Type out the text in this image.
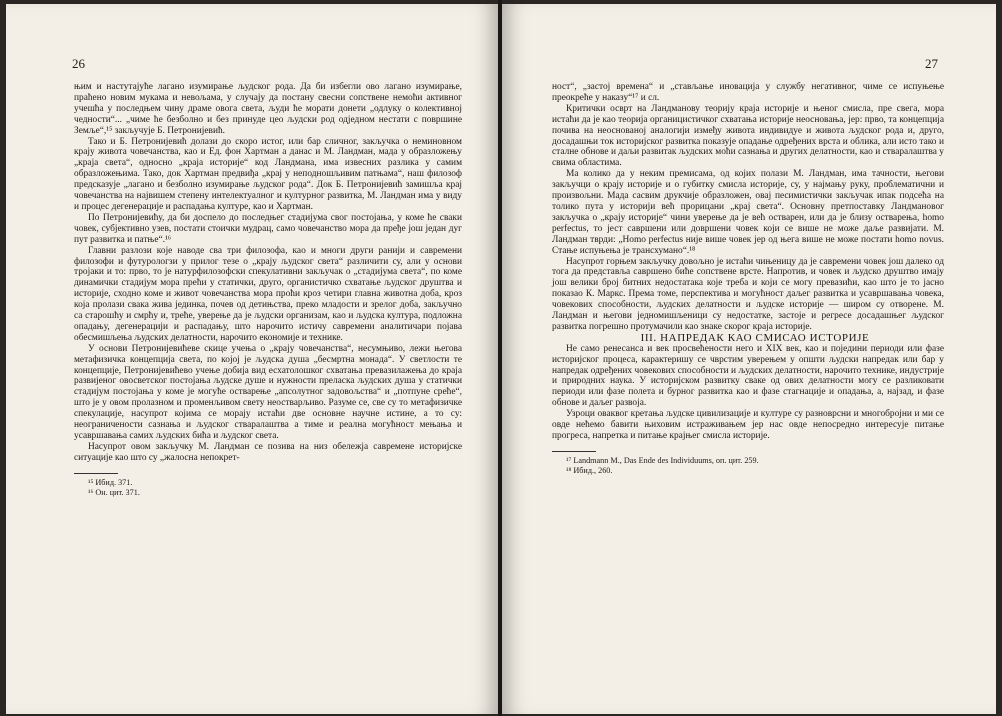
26

њим и настутајуће лагано изумирање људског рода. Да би избегли ово лагано изумирање, праћено новим мукама и невољама, у случају да постану свесни сопствене немоћи активног учешћа у последњем чину драме овога света, људи ће морати донети „одлуку о колективној чедности“... „чиме ће безболно и без принуде цео људски род одједном нестати с површине Земље“,¹⁵ закључује Б. Петронијевић.

Тако и Б. Петронијевић долази до скоро истог, или бар сличног, закључка о неминовном крају живота човечанства, као и Ед. фон Хартман а данас и М. Ландман, мада у образложењу „краја света“, односно „краја историје“ код Ландмана, има извесних разлика у самим образложењима. Тако, док Хартман предвиђа „крај у неподношљивим патњама“, наш филозоф предсказује „лагано и безболно изумирање људског рода“. Док Б. Петронијевић замишља крај човечанства на највишем степену интелектуалног и културног развитка, М. Ландман има у виду и процес дегенерације и распадања културе, као и Хартман.

По Петронијевићу, да би доспело до последњег стадијума свог постојања, у коме ће сваки човек, субјективно узев, постати стоички мудрац, само човечанство мора да пређе још један дуг пут развитка и патње“.¹⁶

Главни разлози које наводе сва три филозофа, као и многи други ранији и савремени филозофи и футурологзи у прилог тезе о „крају људског света“ различити су, али у основи тројаки и то: прво, то је натурфилозофски спекулативни закључак о „стадијума света“, по коме динамички стадијум мора прећи у статички, друго, органистичко схватање људског друштва и историје, сходно коме и живот човечанства мора проћи кроз четири главна животна доба, кроз која пролази свака жива јединка, почев од детињства, преко младости и зрелог доба, закључно са старошћу и смрћу и, треће, уверење да је људски организам, као и људска култура, подложна опадању, дегенерацији и распадању, што нарочито истичу савремени аналитичари појава обесмишљења људских делатности, нарочито економије и технике.

У основи Петронијевићеве скице учења о „крају човечанства“, несумњиво, лежи његова метафизичка концепција света, по којој је људска душа „бесмртна монада“. У светлости те концепције, Петронијевићево учење добија вид есхатолошког схватања превазилажења до краја развијеног овосветског постојања људске душе и нужности преласка људских душа у статички стадијум постојања у коме је могуће остварење „апсолутног задовољства“ и „потпуне среће“, што је у овом пролазном и променљивом свету неостварљиво. Разуме се, све су то метафизичке спекулације, насупрот којима се морају истаћи две основне научне истине, а то су: неограничености сазнања и људског стваралаштва а тиме и реална могућност мењања и усавршавања самих људских бића и људског света.

Насупрот овом закључку М. Ландман се позива на низ обележја савремене историјске ситуације као што су „жалосна непокрет-

¹⁵ Ибид. 371.
¹⁶ Он. цит. 371.
27

ност“, „застој времена“ и „стављање иновација у службу негативног, чиме се испуњење преокреће у наказу“¹⁷ и сл.

Критички осврт на Ландманову теорију краја историје и њеног смисла, пре свега, мора истаћи да је као теорија органицистичког схватања историје неосновања, јер: прво, та концепција почива на неоснованој аналогији између живота индивидуе и живота људског рода и, друго, досадашњи ток историјског развитка показује опадање одређених врста и облика, али исто тако и сталне обнове и даљи развитак људских моћи сазнања и других делатности, као и стваралаштва у свима областима.

Ма колико да у неким премисама, од којих полази М. Ландман, има тачности, његови закључци о крају историје и о губитку смисла историје, су, у најмању руку, проблематични и произвољни. Мада сасвим друкчије образложен, овај песимистички закључак ипак подсећа на толико пута у историји већ прорицани „крај света“. Основну претпоставку Ландмановог закључка о „крају историје“ чини уверење да је већ остварен, или да је близу остварења, homo perfectus, то јест савршени или довршени човек који се више не може даље развијати. М. Ландман тврди: „Homo perfectus није више човек јер од њега више не може постати homo novus. Стање испуњења је трансхумано“.¹⁸

Насупрот горњем закључку довољно је истаћи чињеницу да је савремени човек још далеко од тога да представља савршено биће сопствене врсте. Напротив, и човек и људско друштво имају још велики број битних недостатака које треба и који се могу превазићи, као што је то јасно показао К. Маркс. Према томе, перспектива и могућност даљег развитка и усавршавања човека, човекових способности, људских делатности и људске историје — широм су отворене. М. Ландман и његови једномишљеници су недостатке, застоје и регресе досадашњег људског развитка погрешно протумачили као знаке скорог краја историје.

III. НАПРЕДАК КАО СМИСАО ИСТОРИЈЕ

Не само ренесанса и век просвећености него и XIX век, као и поједини периоди или фазе историјског процеса, карактеришу се чврстим уверењем у општи људски напредак или бар у напредак одређених човекових способности и људских делатности, нарочито технике, индустрије и природних наука. У историјском развитку сваке од ових делатности могу се разликовати периоди или фазе полета и бурног развитка као и фазе стагнације и опадања, а, најзад, и фазе обнове и даљег развоја.

Узроци оваквог кретања људске цивилизације и културе су разноврсни и многобројни и ми се овде нећемо бавити њиховим истраживањем јер нас овде непосредно интересује питање прогреса, напретка и питање крајњег смисла историје.

¹⁷ Landmann M., Das Ende des Individuums, оп. цит. 259.
¹⁸ Ибид., 260.
